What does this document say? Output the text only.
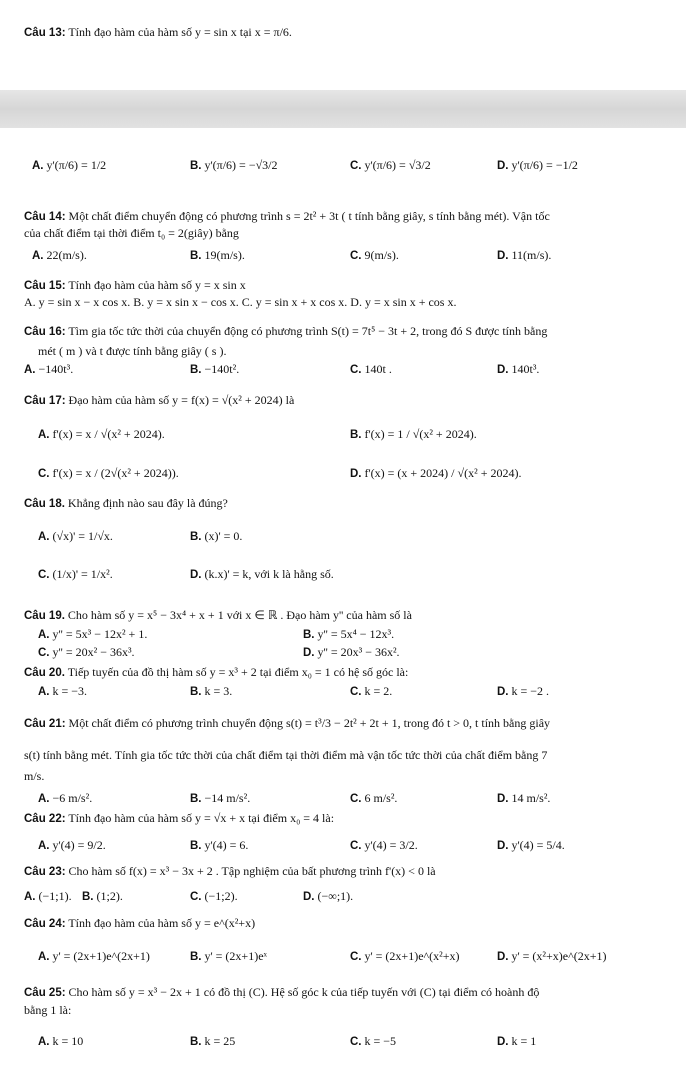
Câu 13: Tính đạo hàm của hàm số y = sin x tại x = π/6.
A. y'(π/6) = 1/2	B. y'(π/6) = −√3/2	C. y'(π/6) = √3/2	D. y'(π/6) = −1/2
Câu 14: Một chất điểm chuyển động có phương trình s = 2t² + 3t ( t tính bằng giây, s tính bằng mét). Vận tốc
của chất điểm tại thời điểm t₀ = 2(giây) bằng
A. 22(m/s).	B. 19(m/s).	C. 9(m/s).	D. 11(m/s).
Câu 15: Tính đạo hàm của hàm số y = x sin x
A. y = sin x − x cos x. B. y = x sin x − cos x. C. y = sin x + x cos x. D. y = x sin x + cos x.
Câu 16: Tìm gia tốc tức thời của chuyển động có phương trình S(t) = 7t⁵ − 3t + 2, trong đó S được tính bằng
mét ( m ) và t được tính bằng giây ( s ).
A. −140t³.	B. −140t².	C. 140t .	D. 140t³.
Câu 17: Đạo hàm của hàm số y = f(x) = √(x² + 2024) là
A. f'(x) = x / √(x² + 2024).	B. f'(x) = 1 / √(x² + 2024).
C. f'(x) = x / (2√(x² + 2024)).	D. f'(x) = (x + 2024) / √(x² + 2024).
Câu 18. Khẳng định nào sau đây là đúng?
A. (√x)' = 1/√x.	B. (x)' = 0.
C. (1/x)' = 1/x².	D. (k.x)' = k, với k là hằng số.
Câu 19. Cho hàm số y = x⁵ − 3x⁴ + x + 1 với x ∈ ℝ . Đạo hàm y'' của hàm số là
A. y'' = 5x³ − 12x² + 1.	B. y'' = 5x⁴ − 12x³.
C. y'' = 20x² − 36x³.	D. y'' = 20x³ − 36x².
Câu 20. Tiếp tuyến của đồ thị hàm số y = x³ + 2 tại điểm x₀ = 1 có hệ số góc là:
A. k = −3.	B. k = 3.	C. k = 2.	D. k = −2 .
Câu 21: Một chất điểm có phương trình chuyển động s(t) = t³/3 − 2t² + 2t + 1, trong đó t > 0, t tính bằng giây
s(t) tính bằng mét. Tính gia tốc tức thời của chất điểm tại thời điểm mà vận tốc tức thời của chất điểm bằng 7
m/s.
A. −6 m/s².	B. −14 m/s².	C. 6 m/s².	D. 14 m/s².
Câu 22: Tính đạo hàm của hàm số y = √x + x tại điểm x₀ = 4 là:
A. y'(4) = 9/2.	B. y'(4) = 6.	C. y'(4) = 3/2.	D. y'(4) = 5/4.
Câu 23: Cho hàm số f(x) = x³ − 3x + 2 . Tập nghiệm của bất phương trình f'(x) < 0 là
A. (−1;1). B. (1;2).	C. (−1;2).	D. (−∞;1).
Câu 24: Tính đạo hàm của hàm số y = e^(x²+x)
A. y' = (2x+1)e^(2x+1)	B. y' = (2x+1)eˣ	C. y' = (2x+1)e^(x²+x)	D. y' = (x²+x)e^(2x+1)
Câu 25: Cho hàm số y = x³ − 2x + 1 có đồ thị (C). Hệ số góc k của tiếp tuyến với (C) tại điểm có hoành độ
bằng 1 là:
A. k = 10	B. k = 25	C. k = −5	D. k = 1
